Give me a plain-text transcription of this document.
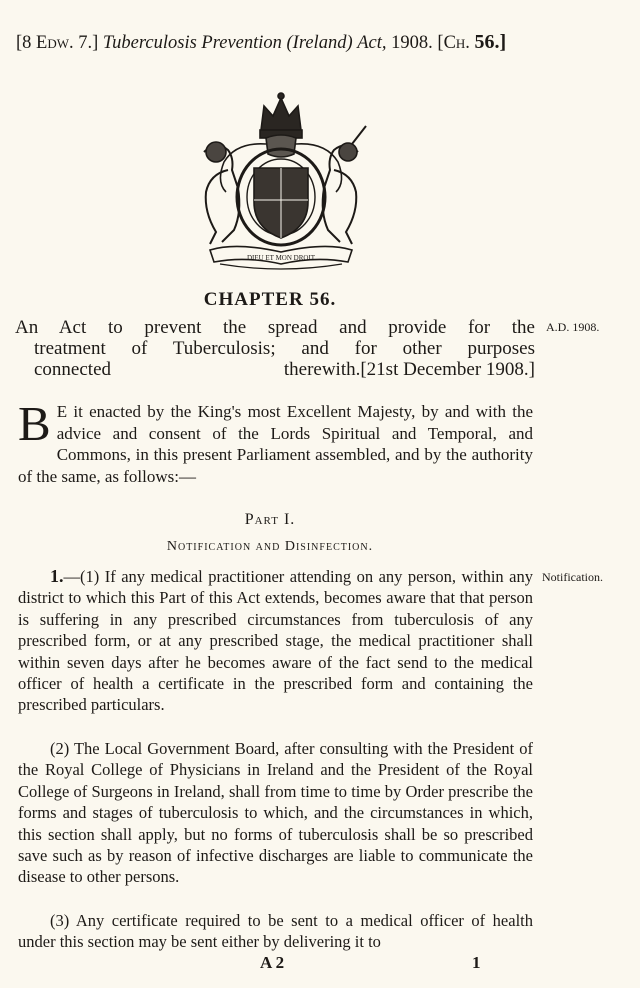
[8 Edw. 7.] Tuberculosis Prevention (Ireland) Act, 1908. [Ch. 56.]
DIEU ET MON DROIT
CHAPTER 56.

An Act to prevent the spread and provide for the

treatment of Tuberculosis; and for other purposes

connected therewith. [21st December 1908.]

A.D. 1908.
B E it enacted by the King's most Excellent Majesty, by and with the advice and consent of the Lords Spiritual and Temporal, and Commons, in this present Parliament assembled, and by the authority of the same, as follows:—

Part I.
Notification and Disinfection.
Notification.

1.—(1) If any medical practitioner attending on any person, within any district to which this Part of this Act extends, becomes aware that that person is suffering in any prescribed circumstances from tuberculosis of any prescribed form, or at any prescribed stage, the medical practitioner shall within seven days after he becomes aware of the fact send to the medical officer of health a certificate in the prescribed form and containing the prescribed particulars.

(2) The Local Government Board, after consulting with the President of the Royal College of Physicians in Ireland and the President of the Royal College of Surgeons in Ireland, shall from time to time by Order prescribe the forms and stages of tuberculosis to which, and the circumstances in which, this section shall apply, but no forms of tuberculosis shall be so prescribed save such as by reason of infective discharges are liable to communicate the disease to other persons.

(3) Any certificate required to be sent to a medical officer of health under this section may be sent either by delivering it to

A 2	1
